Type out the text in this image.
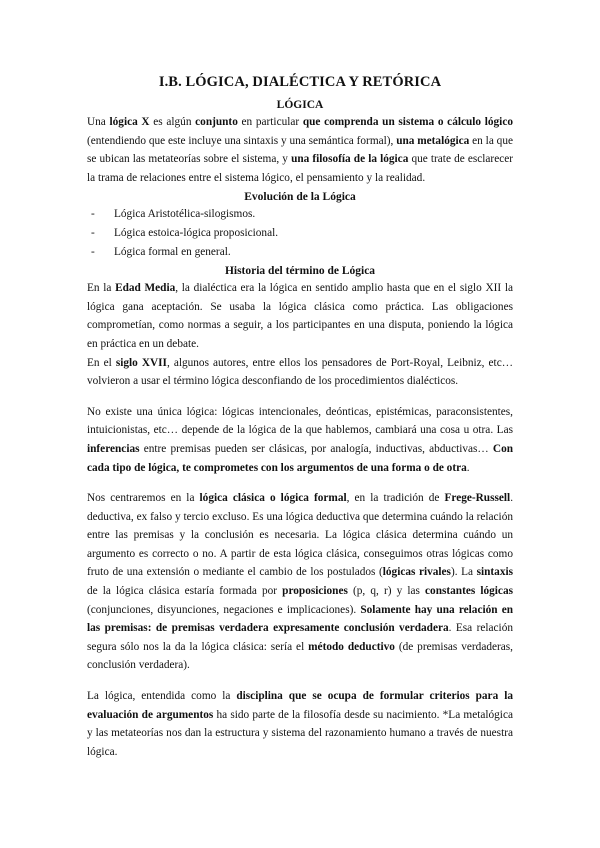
I.B. LÓGICA, DIALÉCTICA Y RETÓRICA
LÓGICA

Una lógica X es algún conjunto en particular que comprenda un sistema o cálculo lógico (entendiendo que este incluye una sintaxis y una semántica formal), una metalógica en la que se ubican las metateorías sobre el sistema, y una filosofía de la lógica que trate de esclarecer la trama de relaciones entre el sistema lógico, el pensamiento y la realidad.

Evolución de la Lógica
- Lógica Aristotélica-silogismos.
- Lógica estoica-lógica proposicional.
- Lógica formal en general.
Historia del término de Lógica

En la Edad Media, la dialéctica era la lógica en sentido amplio hasta que en el siglo XII la lógica gana aceptación. Se usaba la lógica clásica como práctica. Las obligaciones comprometían, como normas a seguir, a los participantes en una disputa, poniendo la lógica en práctica en un debate.

En el siglo XVII, algunos autores, entre ellos los pensadores de Port-Royal, Leibniz, etc… volvieron a usar el término lógica desconfiando de los procedimientos dialécticos.

No existe una única lógica: lógicas intencionales, deónticas, epistémicas, paraconsistentes, intuicionistas, etc… depende de la lógica de la que hablemos, cambiará una cosa u otra. Las inferencias entre premisas pueden ser clásicas, por analogía, inductivas, abductivas… Con cada tipo de lógica, te comprometes con los argumentos de una forma o de otra.

Nos centraremos en la lógica clásica o lógica formal, en la tradición de Frege-Russell. deductiva, ex falso y tercio excluso. Es una lógica deductiva que determina cuándo la relación entre las premisas y la conclusión es necesaria. La lógica clásica determina cuándo un argumento es correcto o no. A partir de esta lógica clásica, conseguimos otras lógicas como fruto de una extensión o mediante el cambio de los postulados (lógicas rivales). La sintaxis de la lógica clásica estaría formada por proposiciones (p, q, r) y las constantes lógicas (conjunciones, disyunciones, negaciones e implicaciones). Solamente hay una relación en las premisas: de premisas verdadera expresamente conclusión verdadera. Esa relación segura sólo nos la da la lógica clásica: sería el método deductivo (de premisas verdaderas, conclusión verdadera).

La lógica, entendida como la disciplina que se ocupa de formular criterios para la evaluación de argumentos ha sido parte de la filosofía desde su nacimiento. *La metalógica y las metateorías nos dan la estructura y sistema del razonamiento humano a través de nuestra lógica.
